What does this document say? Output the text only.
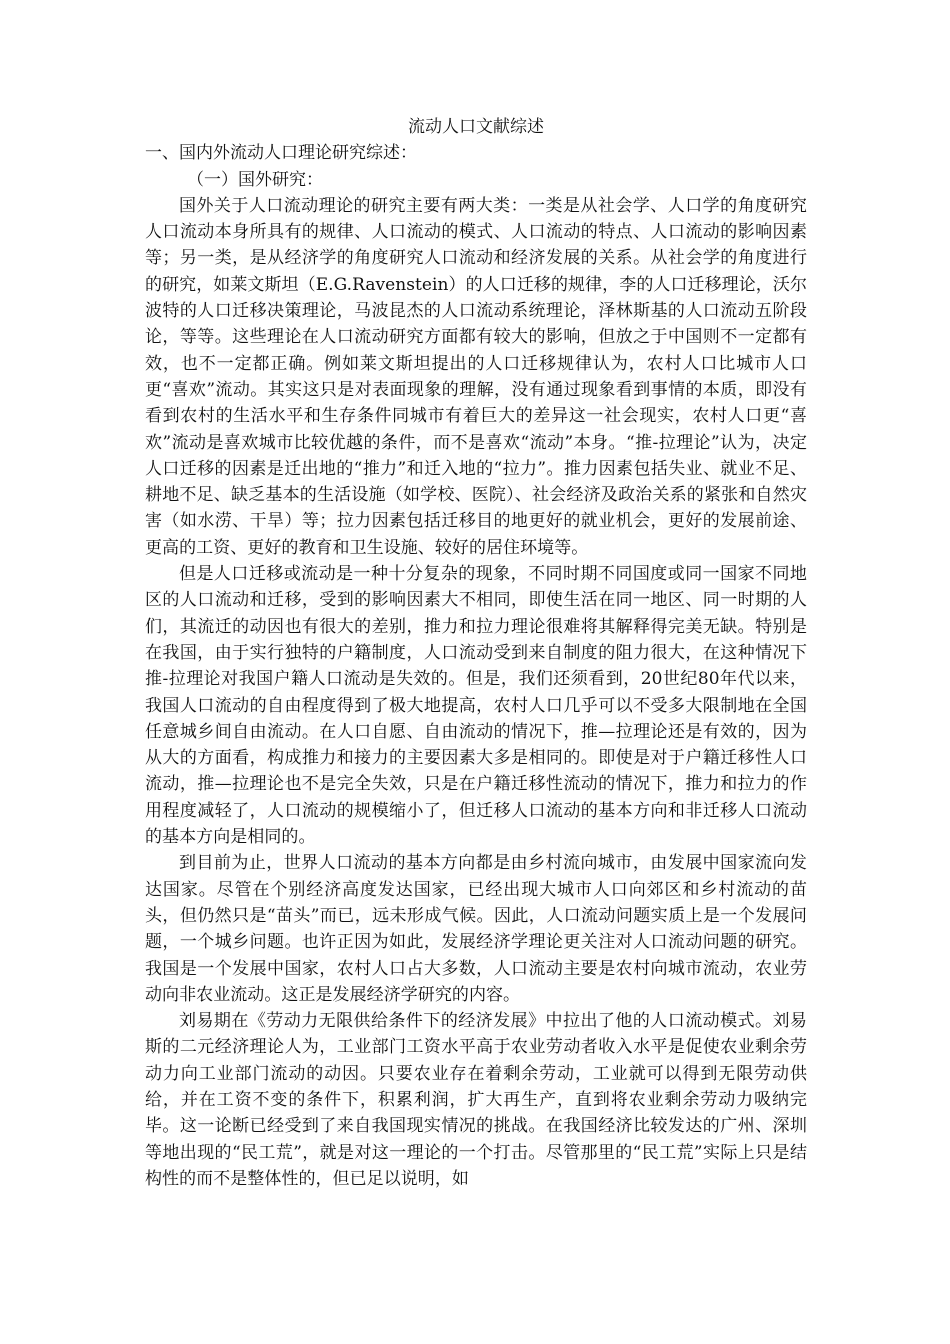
流动人口文献综述

一、国内外流动人口理论研究综述：

（一）国外研究：

国外关于人口流动理论的研究主要有两大类：一类是从社会学、人口学的角度研究人口流动本身所具有的规律、人口流动的模式、人口流动的特点、人口流动的影响因素等；另一类，是从经济学的角度研究人口流动和经济发展的关系。从社会学的角度进行的研究，如莱文斯坦（E.G.Ravenstein）的人口迁移的规律，李的人口迁移理论，沃尔波特的人口迁移决策理论，马波昆杰的人口流动系统理论，泽林斯基的人口流动五阶段论，等等。这些理论在人口流动研究方面都有较大的影响，但放之于中国则不一定都有效，也不一定都正确。例如莱文斯坦提出的人口迁移规律认为，农村人口比城市人口更“喜欢”流动。其实这只是对表面现象的理解，没有通过现象看到事情的本质，即没有看到农村的生活水平和生存条件同城市有着巨大的差异这一社会现实，农村人口更“喜欢”流动是喜欢城市比较优越的条件，而不是喜欢“流动”本身。“推-拉理论”认为，决定人口迁移的因素是迁出地的“推力”和迁入地的“拉力”。推力因素包括失业、就业不足、耕地不足、缺乏基本的生活设施（如学校、医院）、社会经济及政治关系的紧张和自然灾害（如水涝、干旱）等；拉力因素包括迁移目的地更好的就业机会，更好的发展前途、更高的工资、更好的教育和卫生设施、较好的居住环境等。

但是人口迁移或流动是一种十分复杂的现象，不同时期不同国度或同一国家不同地区的人口流动和迁移，受到的影响因素大不相同，即使生活在同一地区、同一时期的人们，其流迁的动因也有很大的差别，推力和拉力理论很难将其解释得完美无缺。特别是在我国，由于实行独特的户籍制度，人口流动受到来自制度的阻力很大，在这种情况下推-拉理论对我国户籍人口流动是失效的。但是，我们还须看到，20世纪80年代以来，我国人口流动的自由程度得到了极大地提高，农村人口几乎可以不受多大限制地在全国任意城乡间自由流动。在人口自愿、自由流动的情况下，推—拉理论还是有效的，因为从大的方面看，构成推力和接力的主要因素大多是相同的。即使是对于户籍迁移性人口流动，推—拉理论也不是完全失效，只是在户籍迁移性流动的情况下，推力和拉力的作用程度减轻了，人口流动的规模缩小了，但迁移人口流动的基本方向和非迁移人口流动的基本方向是相同的。

到目前为止，世界人口流动的基本方向都是由乡村流向城市，由发展中国家流向发达国家。尽管在个别经济高度发达国家，已经出现大城市人口向郊区和乡村流动的苗头，但仍然只是“苗头”而已，远未形成气候。因此，人口流动问题实质上是一个发展问题，一个城乡问题。也许正因为如此，发展经济学理论更关注对人口流动问题的研究。我国是一个发展中国家，农村人口占大多数，人口流动主要是农村向城市流动，农业劳动向非农业流动。这正是发展经济学研究的内容。

刘易期在《劳动力无限供给条件下的经济发展》中拉出了他的人口流动模式。刘易斯的二元经济理论人为，工业部门工资水平高于农业劳动者收入水平是促使农业剩余劳动力向工业部门流动的动因。只要农业存在着剩余劳动，工业就可以得到无限劳动供给，并在工资不变的条件下，积累利润，扩大再生产，直到将农业剩余劳动力吸纳完毕。这一论断已经受到了来自我国现实情况的挑战。在我国经济比较发达的广州、深圳等地出现的“民工荒”，就是对这一理论的一个打击。尽管那里的“民工荒”实际上只是结构性的而不是整体性的，但已足以说明，如
